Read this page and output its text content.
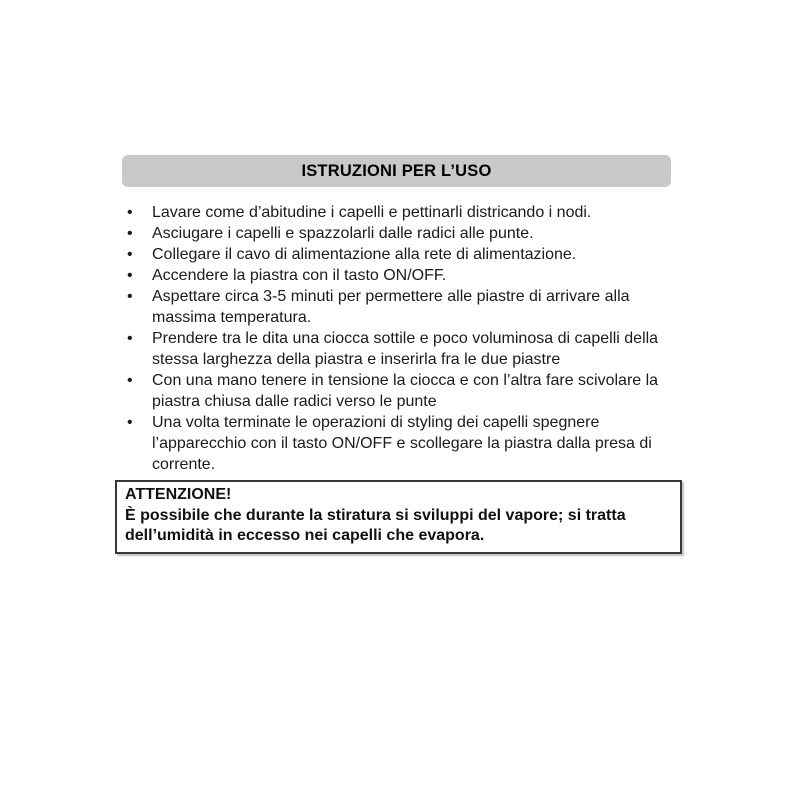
ISTRUZIONI PER L’USO
• Lavare come d’abitudine i capelli e pettinarli districando i nodi.
• Asciugare i capelli e spazzolarli dalle radici alle punte.
• Collegare il cavo di alimentazione alla rete di alimentazione.
• Accendere la piastra con il tasto ON/OFF.
• Aspettare circa 3-5 minuti per permettere alle piastre di arrivare alla massima temperatura.
• Prendere tra le dita una ciocca sottile e poco voluminosa di capelli della stessa larghezza della piastra e inserirla fra le due piastre
• Con una mano tenere in tensione la ciocca e con l’altra fare scivolare la piastra chiusa dalle radici verso le punte
• Una volta terminate le operazioni di styling dei capelli spegnere l’apparecchio con il tasto ON/OFF e scollegare la piastra dalla presa di corrente.
ATTENZIONE!
È possibile che durante la stiratura si sviluppi del vapore; si tratta
dell’umidità in eccesso nei capelli che evapora.
